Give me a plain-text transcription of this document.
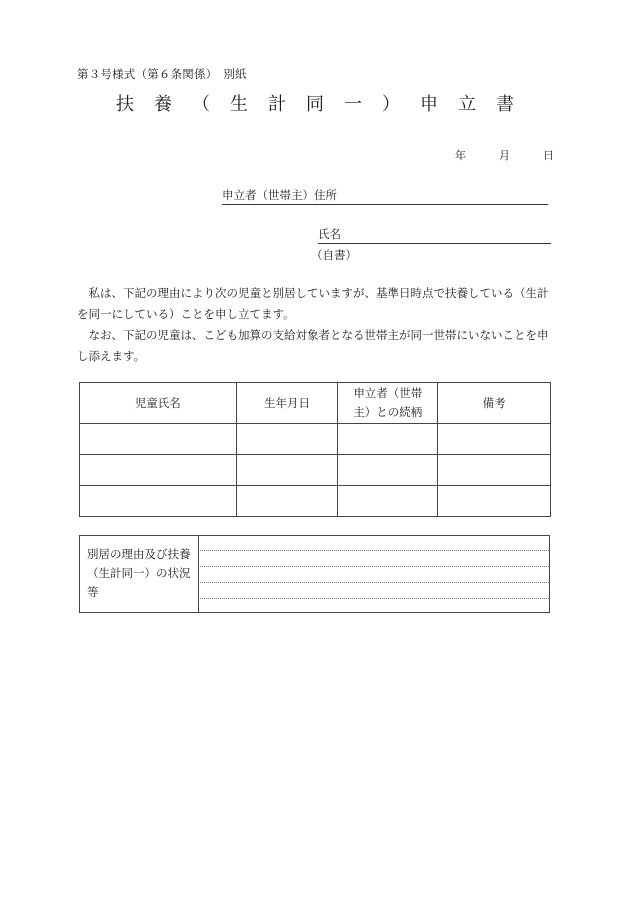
第３号様式（第６条関係）　別紙
扶養（生計同一）申立書
年	月	日
申立者（世帯主）住所
氏名
（自書）
私は、下記の理由により次の児童と別居していますが、基準日時点で扶養している（生計を同一にしている）ことを申し立てます。
なお、下記の児童は、こども加算の支給対象者となる世帯主が同一世帯にいないことを申し添えます。
児童氏名	生年月日	申立者（世帯主）との続柄	備考

別居の理由及び扶養（生計同一）の状況等
